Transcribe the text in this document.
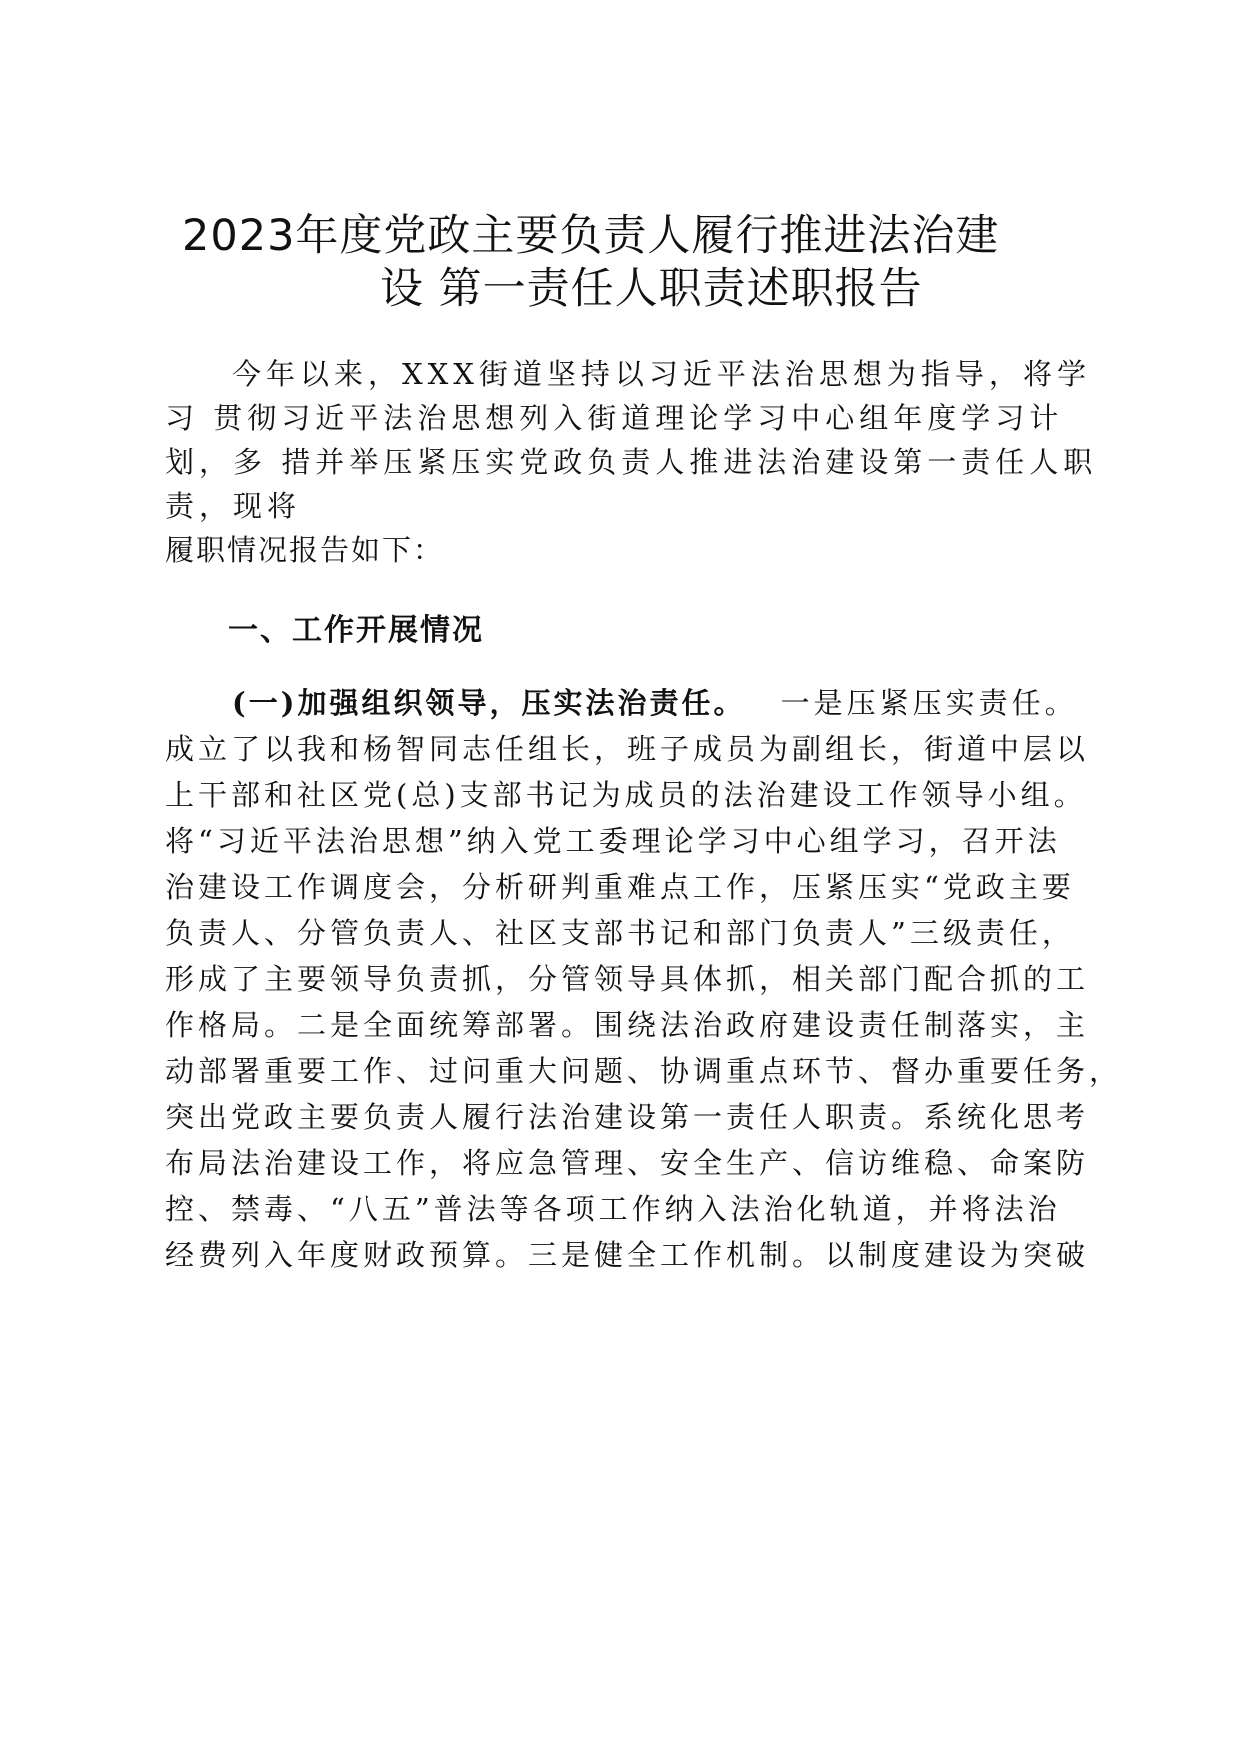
2023年度党政主要负责人履行推进法治建
设 第一责任人职责述职报告
今年以来，XXX街道坚持以习近平法治思想为指导，将学
习 贯彻习近平法治思想列入街道理论学习中心组年度学习计
划，多 措并举压紧压实党政负责人推进法治建设第一责任人职
责，现将
履职情况报告如下：
一、工作开展情况
(一)加强组织领导，压实法治责任。 一是压紧压实责任。
成立了以我和杨智同志任组长，班子成员为副组长，街道中层以
上干部和社区党(总)支部书记为成员的法治建设工作领导小组。
将“习近平法治思想”纳入党工委理论学习中心组学习，召开法
治建设工作调度会，分析研判重难点工作，压紧压实“党政主要
负责人、分管负责人、社区支部书记和部门负责人”三级责任，
形成了主要领导负责抓，分管领导具体抓，相关部门配合抓的工
作格局。二是全面统筹部署。围绕法治政府建设责任制落实，主
动部署重要工作、过问重大问题、协调重点环节、督办重要任务，
突出党政主要负责人履行法治建设第一责任人职责。系统化思考
布局法治建设工作，将应急管理、安全生产、信访维稳、命案防
控、禁毒、“八五”普法等各项工作纳入法治化轨道，并将法治
经费列入年度财政预算。三是健全工作机制。以制度建设为突破
